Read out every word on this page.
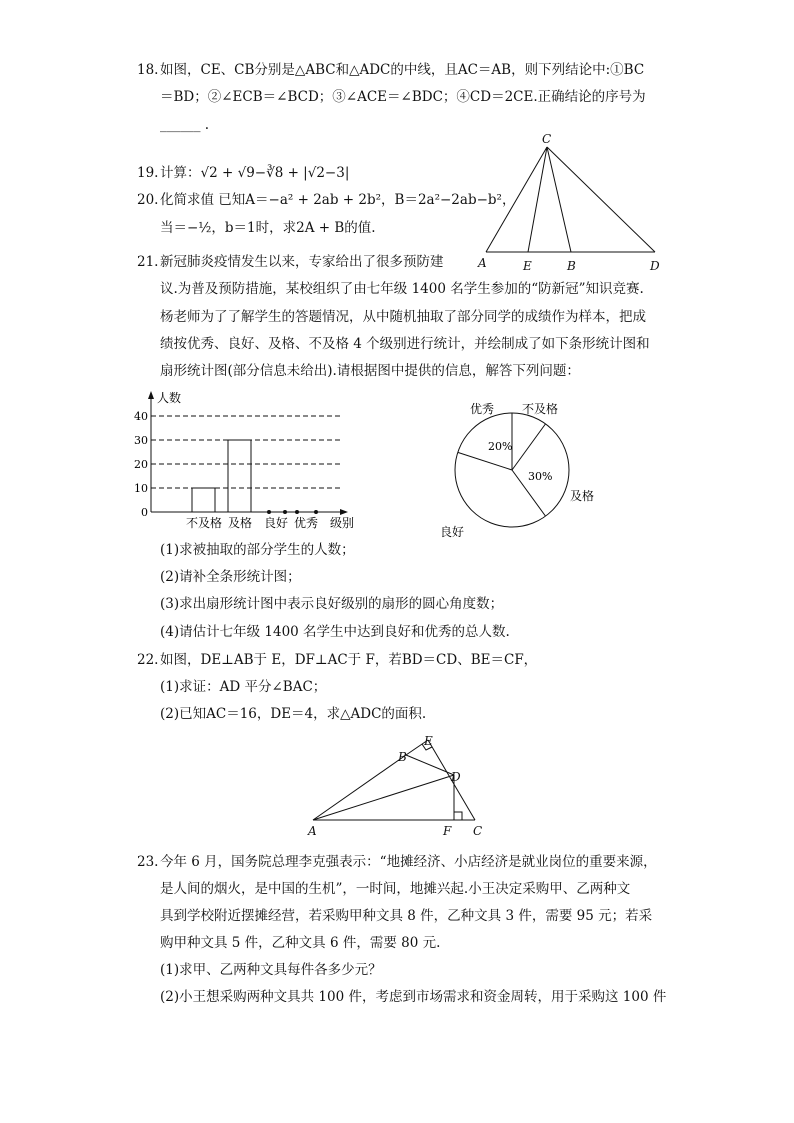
18. 如图，CE、CB分别是△ABC和△ADC的中线，且AC＝AB，则下列结论中:①BC
＝BD；②∠ECB＝∠BCD；③∠ACE＝∠BDC；④CD＝2CE.正确结论的序号为
______ .
19. 计算：√2 + √9−∛8 + |√2−3|
20. 化简求值 已知A＝−a² + 2ab + 2b²，B＝2a²−2ab−b²，
当＝−½，b＝1时，求2A + B的值.
C
A	E	B	D
21. 新冠肺炎疫情发生以来，专家给出了很多预防建
议.为普及预防措施，某校组织了由七年级 1400 名学生参加的“防新冠”知识竞赛.
杨老师为了了解学生的答题情况，从中随机抽取了部分同学的成绩作为样本，把成
绩按优秀、良好、及格、不及格 4 个级别进行统计，并绘制成了如下条形统计图和
扇形统计图(部分信息未给出).请根据图中提供的信息，解答下列问题：
人数
级别
0
10
20
30
40
不及格 及格 良好 优秀
不及格
及格
30%
良好
优秀
20%
(1)求被抽取的部分学生的人数；
(2)请补全条形统计图；
(3)求出扇形统计图中表示良好级别的扇形的圆心角度数；
(4)请估计七年级 1400 名学生中达到良好和优秀的总人数.
22. 如图，DE⊥AB于 E，DF⊥AC于 F，若BD＝CD、BE＝CF，
(1)求证：AD 平分∠BAC；
(2)已知AC＝16，DE＝4，求△ADC的面积.
E
B
D
A	F C
23. 今年 6 月，国务院总理李克强表示：“地摊经济、小店经济是就业岗位的重要来源，
是人间的烟火，是中国的生机”，一时间，地摊兴起.小王决定采购甲、乙两种文
具到学校附近摆摊经营，若采购甲种文具 8 件，乙种文具 3 件，需要 95 元；若采
购甲种文具 5 件，乙种文具 6 件，需要 80 元.
(1)求甲、乙两种文具每件各多少元？
(2)小王想采购两种文具共 100 件，考虑到市场需求和资金周转，用于采购这 100 件
